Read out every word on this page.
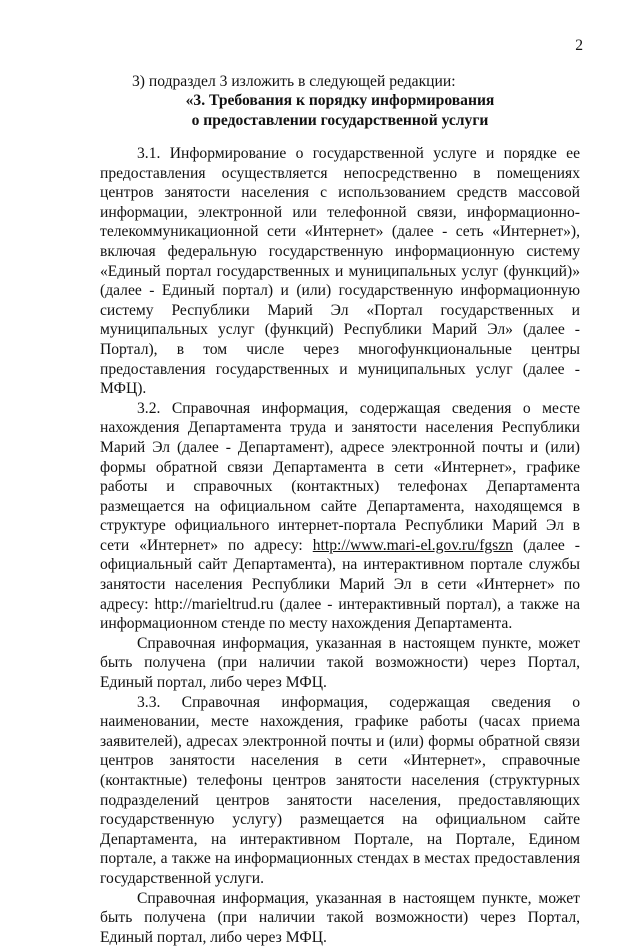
2
3) подраздел 3 изложить в следующей редакции:
«3. Требования к порядку информирования
о предоставлении государственной услуги

3.1. Информирование о государственной услуге и порядке ее предоставления осуществляется непосредственно в помещениях центров занятости населения с использованием средств массовой информации, электронной или телефонной связи, информационно-телекоммуникационной сети «Интернет» (далее - сеть «Интернет»), включая федеральную государственную информационную систему «Единый портал государственных и муниципальных услуг (функций)» (далее - Единый портал) и (или) государственную информационную систему Республики Марий Эл «Портал государственных и муниципальных услуг (функций) Республики Марий Эл» (далее - Портал), в том числе через многофункциональные центры предоставления государственных и муниципальных услуг (далее - МФЦ).

3.2. Справочная информация, содержащая сведения о месте нахождения Департамента труда и занятости населения Республики Марий Эл (далее - Департамент), адресе электронной почты и (или) формы обратной связи Департамента в сети «Интернет», графике работы и справочных (контактных) телефонах Департамента размещается на официальном сайте Департамента, находящемся в структуре официального интернет-портала Республики Марий Эл в сети «Интернет» по адресу: http://www.mari-el.gov.ru/fgszn (далее - официальный сайт Департамента), на интерактивном портале службы занятости населения Республики Марий Эл в сети «Интернет» по адресу: http://marieltrud.ru (далее - интерактивный портал), а также на информационном стенде по месту нахождения Департамента.

Справочная информация, указанная в настоящем пункте, может быть получена (при наличии такой возможности) через Портал, Единый портал, либо через МФЦ.

3.3. Справочная информация, содержащая сведения о наименовании, месте нахождения, графике работы (часах приема заявителей), адресах электронной почты и (или) формы обратной связи центров занятости населения в сети «Интернет», справочные (контактные) телефоны центров занятости населения (структурных подразделений центров занятости населения, предоставляющих государственную услугу) размещается на официальном сайте Департамента, на интерактивном Портале, на Портале, Едином портале, а также на информационных стендах в местах предоставления государственной услуги.

Справочная информация, указанная в настоящем пункте, может быть получена (при наличии такой возможности) через Портал, Единый портал, либо через МФЦ.
